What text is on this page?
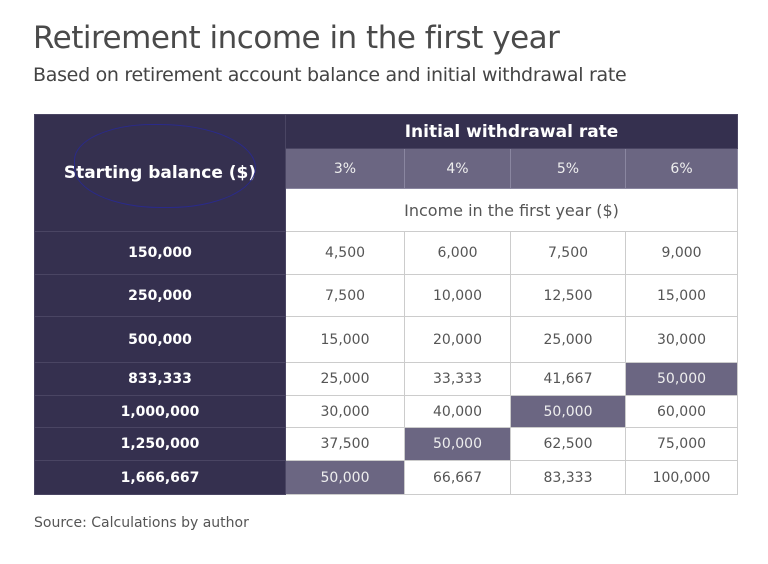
Retirement income in the first year
Based on retirement account balance and initial withdrawal rate
Starting balance ($)	Initial withdrawal rate			
	3%	4%	5%	6%
	Income in the first year ($)			
150,000	4,500	6,000	7,500	9,000
250,000	7,500	10,000	12,500	15,000
500,000	15,000	20,000	25,000	30,000
833,333	25,000	33,333	41,667	50,000
1,000,000	30,000	40,000	50,000	60,000
1,250,000	37,500	50,000	62,500	75,000
1,666,667	50,000	66,667	83,333	100,000
Source: Calculations by author
